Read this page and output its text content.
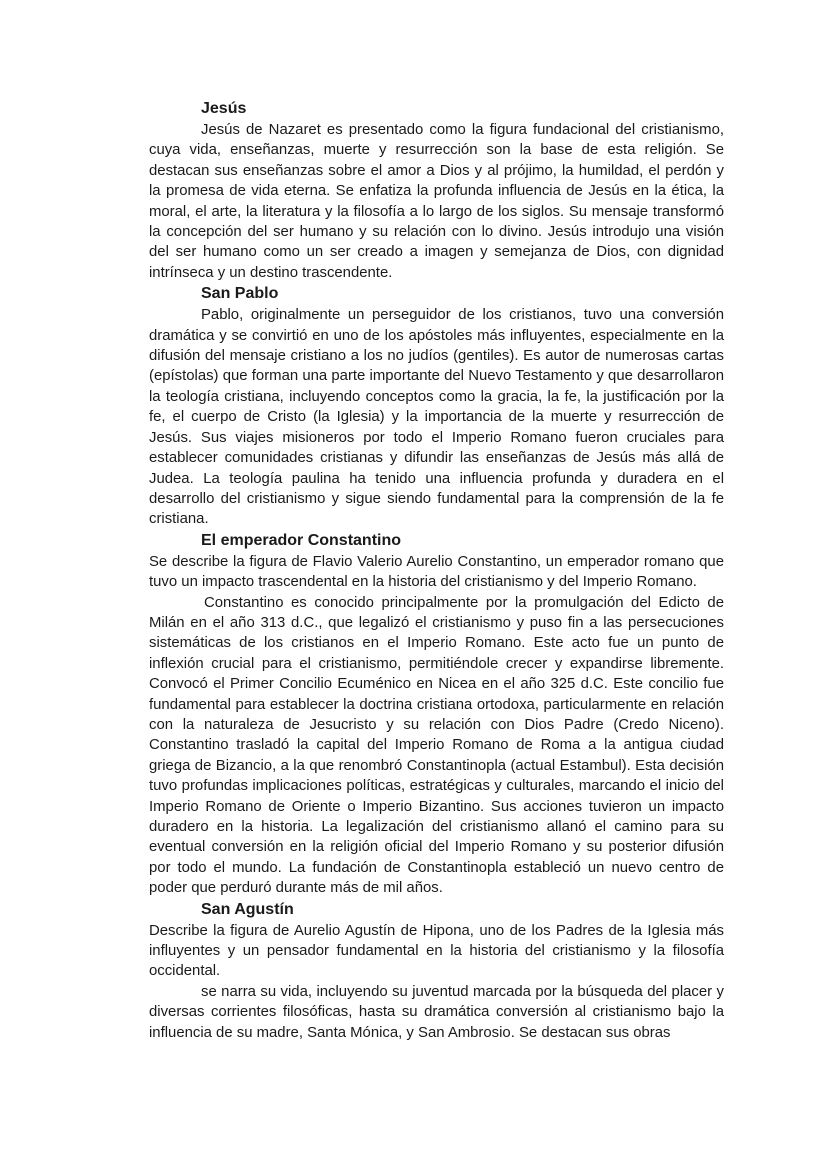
Jesús

Jesús de Nazaret es presentado como la figura fundacional del cristianismo, cuya vida, enseñanzas, muerte y resurrección son la base de esta religión. Se destacan sus enseñanzas sobre el amor a Dios y al prójimo, la humildad, el perdón y la promesa de vida eterna. Se enfatiza la profunda influencia de Jesús en la ética, la moral, el arte, la literatura y la filosofía a lo largo de los siglos. Su mensaje transformó la concepción del ser humano y su relación con lo divino. Jesús introdujo una visión del ser humano como un ser creado a imagen y semejanza de Dios, con dignidad intrínseca y un destino trascendente.

San Pablo

Pablo, originalmente un perseguidor de los cristianos, tuvo una conversión dramática y se convirtió en uno de los apóstoles más influyentes, especialmente en la difusión del mensaje cristiano a los no judíos (gentiles). Es autor de numerosas cartas (epístolas) que forman una parte importante del Nuevo Testamento y que desarrollaron la teología cristiana, incluyendo conceptos como la gracia, la fe, la justificación por la fe, el cuerpo de Cristo (la Iglesia) y la importancia de la muerte y resurrección de Jesús. Sus viajes misioneros por todo el Imperio Romano fueron cruciales para establecer comunidades cristianas y difundir las enseñanzas de Jesús más allá de Judea. La teología paulina ha tenido una influencia profunda y duradera en el desarrollo del cristianismo y sigue siendo fundamental para la comprensión de la fe cristiana.

El emperador Constantino

Se describe la figura de Flavio Valerio Aurelio Constantino, un emperador romano que tuvo un impacto trascendental en la historia del cristianismo y del Imperio Romano.

Constantino es conocido principalmente por la promulgación del Edicto de Milán en el año 313 d.C., que legalizó el cristianismo y puso fin a las persecuciones sistemáticas de los cristianos en el Imperio Romano. Este acto fue un punto de inflexión crucial para el cristianismo, permitiéndole crecer y expandirse libremente. Convocó el Primer Concilio Ecuménico en Nicea en el año 325 d.C. Este concilio fue fundamental para establecer la doctrina cristiana ortodoxa, particularmente en relación con la naturaleza de Jesucristo y su relación con Dios Padre (Credo Niceno). Constantino trasladó la capital del Imperio Romano de Roma a la antigua ciudad griega de Bizancio, a la que renombró Constantinopla (actual Estambul). Esta decisión tuvo profundas implicaciones políticas, estratégicas y culturales, marcando el inicio del Imperio Romano de Oriente o Imperio Bizantino. Sus acciones tuvieron un impacto duradero en la historia. La legalización del cristianismo allanó el camino para su eventual conversión en la religión oficial del Imperio Romano y su posterior difusión por todo el mundo. La fundación de Constantinopla estableció un nuevo centro de poder que perduró durante más de mil años.

San Agustín

Describe la figura de Aurelio Agustín de Hipona, uno de los Padres de la Iglesia más influyentes y un pensador fundamental en la historia del cristianismo y la filosofía occidental.

se narra su vida, incluyendo su juventud marcada por la búsqueda del placer y diversas corrientes filosóficas, hasta su dramática conversión al cristianismo bajo la influencia de su madre, Santa Mónica, y San Ambrosio. Se destacan sus obras
